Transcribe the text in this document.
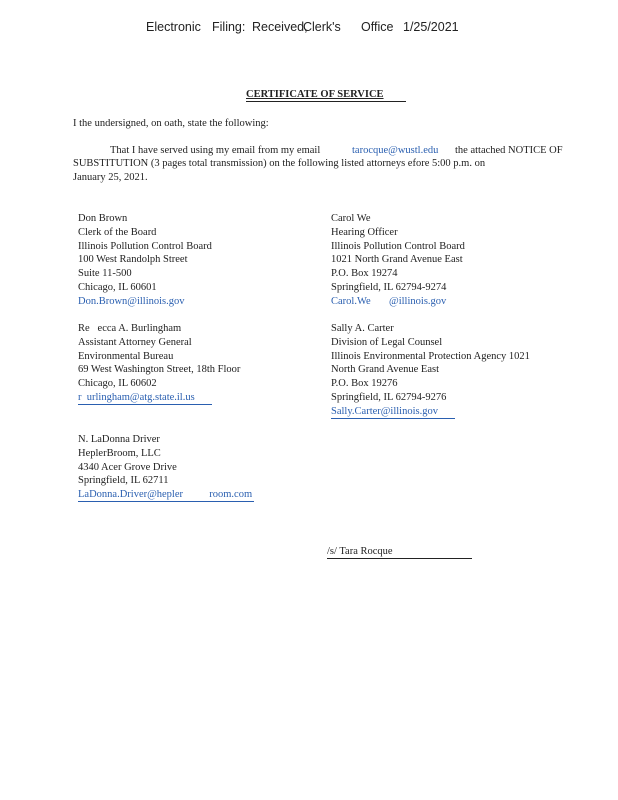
Electronic Filing: Received,
Clerk's Office 1/25/2021
CERTIFICATE OF SERVICE
I the undersigned, on oath, state the following:
That I have served using my email from my email	tarocque@wustl.edu the attached NOTICE OF
SUBSTITUTION (3 pages total transmission) on the following listed attorneys efore 5:00 p.m. on
January 25, 2021.
Don Brown
Clerk of the Board
Illinois Pollution Control Board
100 West Randolph Street
Suite 11-500
Chicago, IL 60601
Don.Brown@illinois.gov
Carol We
Hearing Officer
Illinois Pollution Control Board
1021 North Grand Avenue East
P.O. Box 19274
Springfield, IL 62794-9274
Carol.We       @illinois.gov
Re   ecca A. Burlingham
Assistant Attorney General
Environmental Bureau
69 West Washington Street, 18th Floor
Chicago, IL 60602
r  urlingham@atg.state.il.us
Sally A. Carter
Division of Legal Counsel
Illinois Environmental Protection Agency 1021
North Grand Avenue East
P.O. Box 19276
Springfield, IL 62794-9276
Sally.Carter@illinois.gov
N. LaDonna Driver
HeplerBroom, LLC
4340 Acer Grove Drive
Springfield, IL 62711
LaDonna.Driver@hepler          room.com
/s/ Tara Rocque
